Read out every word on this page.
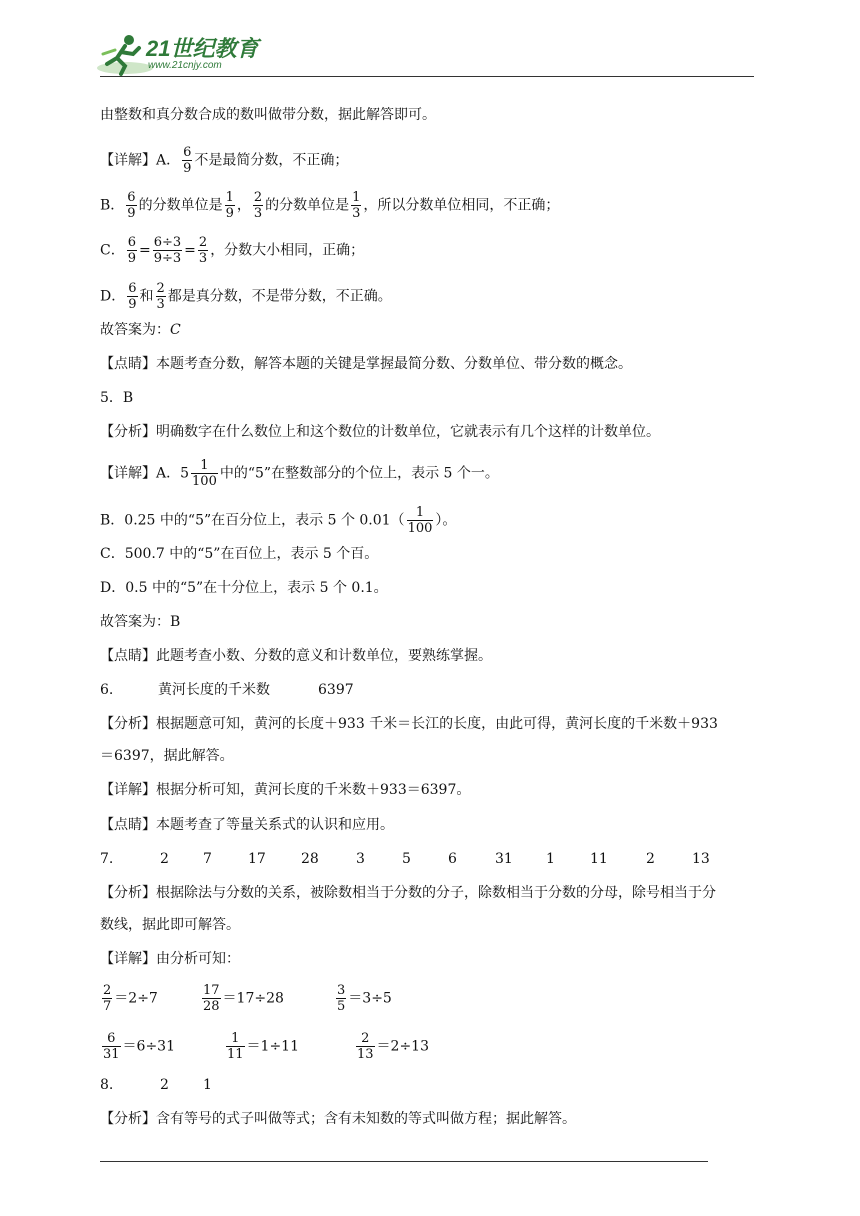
21世纪教育
www.21cnjy.com
由整数和真分数合成的数叫做带分数，据此解答即可。
【详解】A． $\frac{6}{9}$ 不是最简分数，不正确；
B． $\frac{6}{9}$ 的分数单位是 $\frac{1}{9}$ ， $\frac{2}{3}$ 的分数单位是 $\frac{1}{3}$ ，所以分数单位相同，不正确；
C． $\frac{6}{9} = \frac{6\div 3}{9\div 3} = \frac{2}{3}$ ，分数大小相同，正确；
D． $\frac{6}{9}$ 和 $\frac{2}{3}$ 都是真分数，不是带分数，不正确。
故答案为：C
【点睛】本题考查分数，解答本题的关键是掌握最简分数、分数单位、带分数的概念。
5．B
【分析】明确数字在什么数位上和这个数位的计数单位，它就表示有几个这样的计数单位。
【详解】A．$5 \frac{1}{100}$ 中的“5”在整数部分的个位上，表示 5 个一。
B．0.25 中的“5”在百分位上，表示 5 个 $0.01( \frac{1}{100}$ ）。
C．500.7 中的“5”在百位上，表示 5 个百。
D．0.5 中的“5”在十分位上，表示 5 个 0.1。
故答案为：B
【点睛】此题考查小数、分数的意义和计数单位，要熟练掌握。
6.	黄河长度的千米数	6397
【分析】根据题意可知，黄河的长度＋933 千米＝长江的长度，由此可得，黄河长度的千米数＋933
＝6397，据此解答。
【详解】根据分析可知，黄河长度的千米数＋933＝6397。
【点睛】本题考查了等量关系式的认识和应用。
7.	2 7	17	28	3	5	6	31 1	11	2	13
【分析】根据除法与分数的关系，被除数相当于分数的分子，除数相当于分数的分母，除号相当于分
数线，据此即可解答。
【详解】由分析可知：
$\frac{2}{7} =2\div 7$	$\frac{17}{28} =17\div 28$	$\frac{3}{5} =3\div 5$

$\frac{6}{31} =6\div 31$	$\frac{1}{11} =1\div 11$	$\frac{2}{13} =2\div 13$

8.	2 1

【分析】含有等号的式子叫做等式；含有未知数的等式叫做方程；据此解答。
